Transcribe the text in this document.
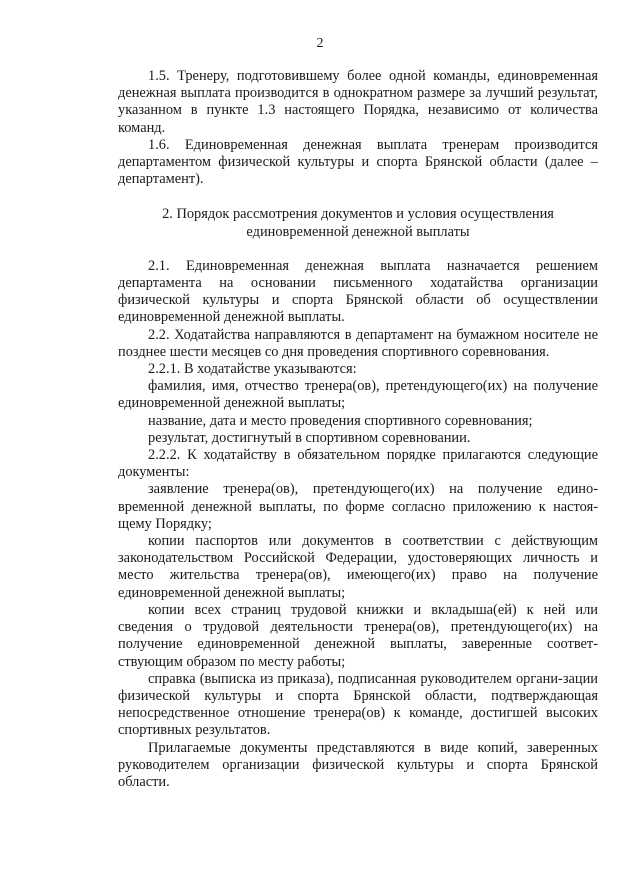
2

1.5. Тренеру, подготовившему более одной команды, единовременная денежная выплата производится в однократном размере за лучший результат, указанном в пункте 1.3 настоящего Порядка, независимо от количества команд.

1.6. Единовременная денежная выплата тренерам производится департаментом физической культуры и спорта Брянской области (далее – департамент).

2. Порядок рассмотрения документов и условия осуществления единовременной денежной выплаты

2.1. Единовременная денежная выплата назначается решением департамента на основании письменного ходатайства организации физической культуры и спорта Брянской области об осуществлении единовременной денежной выплаты.

2.2. Ходатайства направляются в департамент на бумажном носителе не позднее шести месяцев со дня проведения спортивного соревнования.

2.2.1. В ходатайстве указываются:

фамилия, имя, отчество тренера(ов), претендующего(их) на получение единовременной денежной выплаты;

название, дата и место проведения спортивного соревнования;

результат, достигнутый в спортивном соревновании.

2.2.2. К ходатайству в обязательном порядке прилагаются следующие документы:

заявление тренера(ов), претендующего(их) на получение едино-временной денежной выплаты, по форме согласно приложению к настоя-щему Порядку;

копии паспортов или документов в соответствии с действующим законодательством Российской Федерации, удостоверяющих личность и место жительства тренера(ов), имеющего(их) право на получение единовременной денежной выплаты;

копии всех страниц трудовой книжки и вкладыша(ей) к ней или сведения о трудовой деятельности тренера(ов), претендующего(их) на получение единовременной денежной выплаты, заверенные соответ-ствующим образом по месту работы;

справка (выписка из приказа), подписанная руководителем органи-зации физической культуры и спорта Брянской области, подтверждающая непосредственное отношение тренера(ов) к команде, достигшей высоких спортивных результатов.

Прилагаемые документы представляются в виде копий, заверенных руководителем организации физической культуры и спорта Брянской области.
